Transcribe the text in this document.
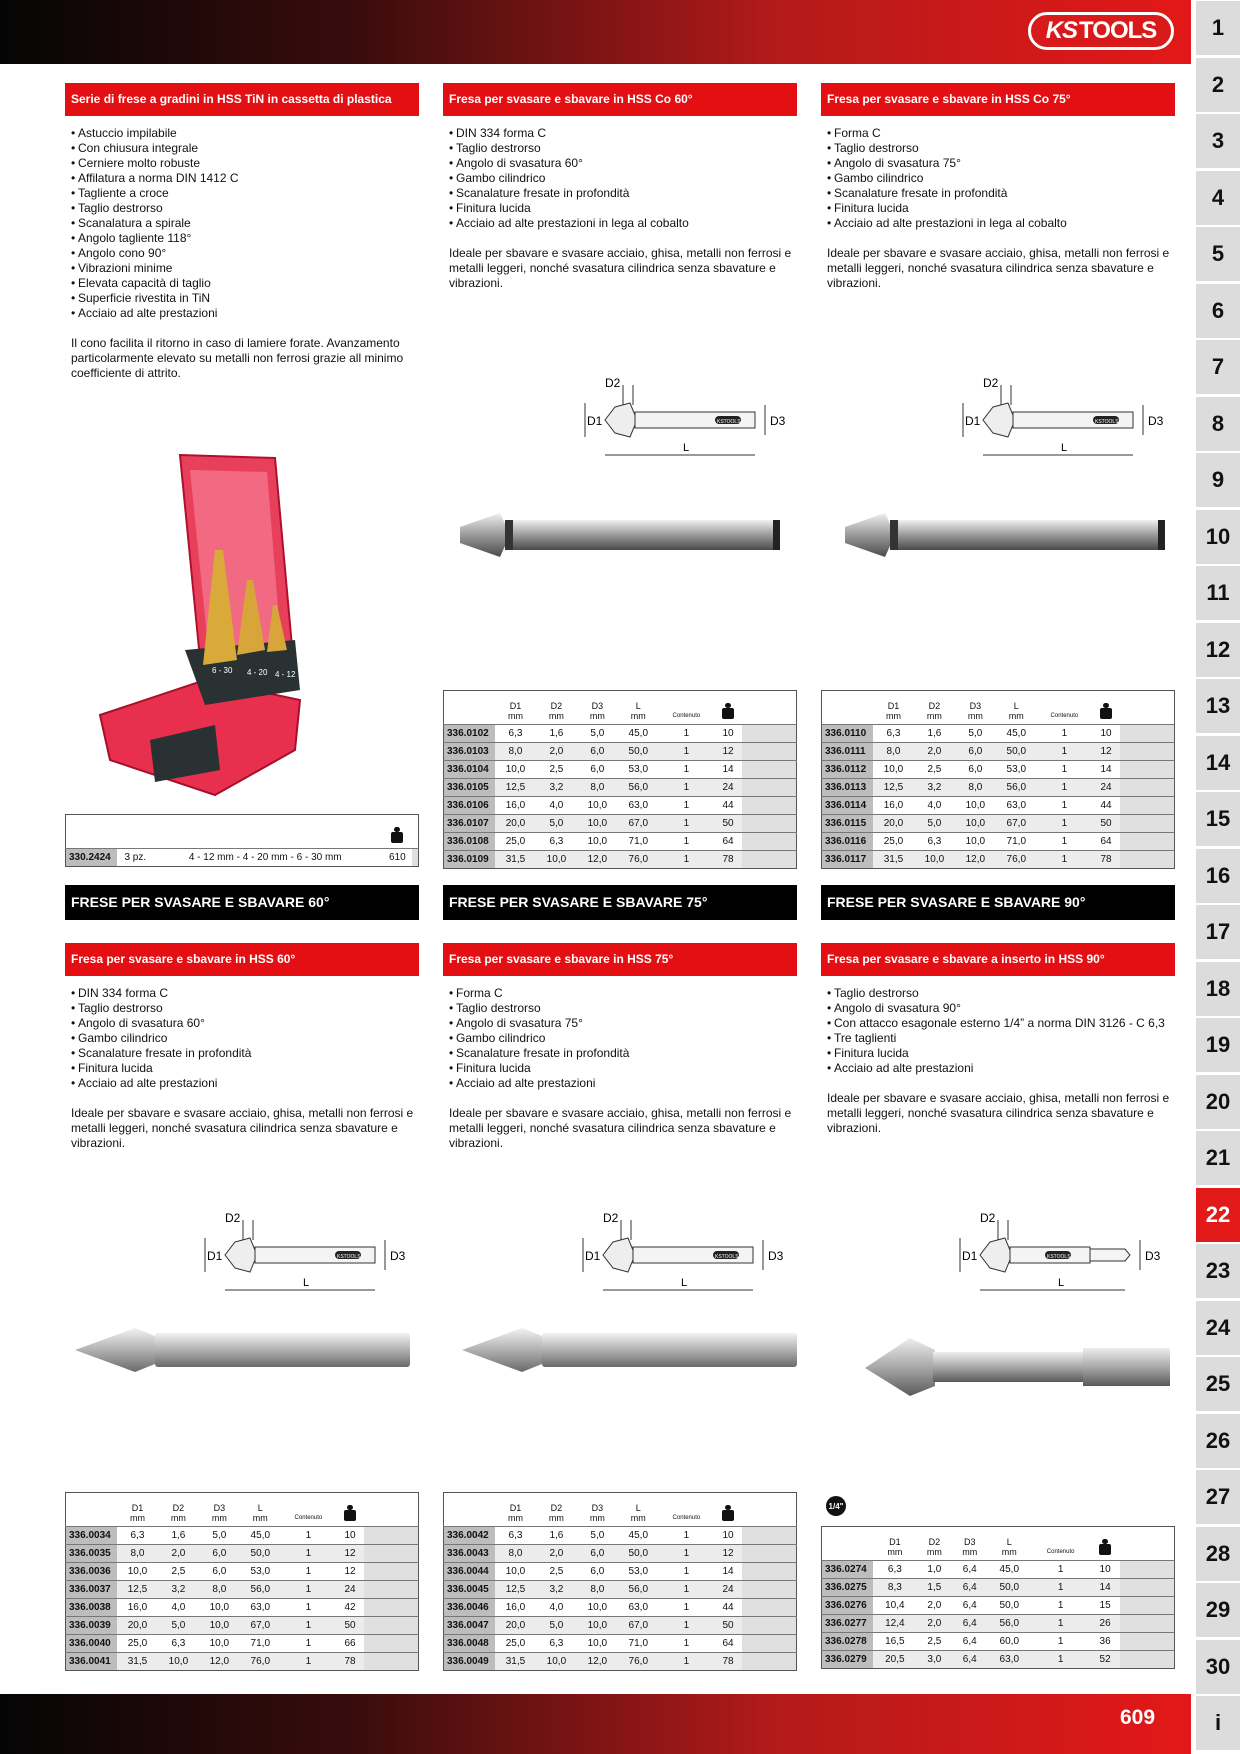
KS TOOLS
609
1
2
3
4
5
6
7
8
9
10
11
12
13
14
15
16
17
18
19
20
21
22
23
24
25
26
27
28
29
30
i
Serie di frese a gradini in HSS TiN in cassetta di plastica
• Astuccio impilabile
• Con chiusura integrale
• Cerniere molto robuste
• Affilatura a norma DIN 1412 C
• Tagliente a croce
• Taglio destrorso
• Scanalatura a spirale
• Angolo tagliente 118°
• Angolo cono 90°
• Vibrazioni minime
• Elevata capacità di taglio
• Superficie rivestita in TiN
• Acciaio ad alte prestazioni

Il cono facilita il ritorno in caso di lamiere forate. Avanzamento particolarmente elevato su metalli non ferrosi grazie all minimo coefficiente di attrito.

6 - 30 4 - 20 4 - 12

330.2424	3 pz.	4 - 12 mm - 4 - 20 mm - 6 - 30 mm		610	
Fresa per svasare e sbavare in HSS Co 60°
• DIN 334 forma C
• Taglio destrorso
• Angolo di svasatura 60°
• Gambo cilindrico
• Scanalature fresate in profondità
• Finitura lucida
• Acciaio ad alte prestazioni in lega al cobalto

Ideale per sbavare e svasare acciaio, ghisa, metalli non ferrosi e metalli leggeri, nonché svasatura cilindrica senza sbavature e vibrazioni.

Fresa per svasare e sbavare in HSS Co 75°
• Forma C
• Taglio destrorso
• Angolo di svasatura 75°
• Gambo cilindrico
• Scanalature fresate in profondità
• Finitura lucida
• Acciaio ad alte prestazioni in lega al cobalto

Ideale per sbavare e svasare acciaio, ghisa, metalli non ferrosi e metalli leggeri, nonché svasatura cilindrica senza sbavature e vibrazioni.

D1
D2
D3
L
KSTOOLS	D1
D2
D3
L
KSTOOLS
	D1
mm	D2
mm	D3
mm	L
mm	Contenuto		
336.0102	6,3	1,6	5,0	45,0	1	10	
336.0103	8,0	2,0	6,0	50,0	1	12	
336.0104	10,0	2,5	6,0	53,0	1	14	
336.0105	12,5	3,2	8,0	56,0	1	24	
336.0106	16,0	4,0	10,0	63,0	1	44	
336.0107	20,0	5,0	10,0	67,0	1	50	
336.0108	25,0	6,3	10,0	71,0	1	64	
336.0109	31,5	10,0	12,0	76,0	1	78	
	D1
mm	D2
mm	D3
mm	L
mm	Contenuto		
336.0110	6,3	1,6	5,0	45,0	1	10	
336.0111	8,0	2,0	6,0	50,0	1	12	
336.0112	10,0	2,5	6,0	53,0	1	14	
336.0113	12,5	3,2	8,0	56,0	1	24	
336.0114	16,0	4,0	10,0	63,0	1	44	
336.0115	20,0	5,0	10,0	67,0	1	50	
336.0116	25,0	6,3	10,0	71,0	1	64	
336.0117	31,5	10,0	12,0	76,0	1	78	
FRESE PER SVASARE E SBAVARE 60°
Fresa per svasare e sbavare in HSS 60°
• DIN 334 forma C
• Taglio destrorso
• Angolo di svasatura 60°
• Gambo cilindrico
• Scanalature fresate in profondità
• Finitura lucida
• Acciaio ad alte prestazioni

Ideale per sbavare e svasare acciaio, ghisa, metalli non ferrosi e metalli leggeri, nonché svasatura cilindrica senza sbavature e vibrazioni.

FRESE PER SVASARE E SBAVARE 75°
Fresa per svasare e sbavare in HSS 75°
• Forma C
• Taglio destrorso
• Angolo di svasatura 75°
• Gambo cilindrico
• Scanalature fresate in profondità
• Finitura lucida
• Acciaio ad alte prestazioni

Ideale per sbavare e svasare acciaio, ghisa, metalli non ferrosi e metalli leggeri, nonché svasatura cilindrica senza sbavature e vibrazioni.

FRESE PER SVASARE E SBAVARE 90°
Fresa per svasare e sbavare a inserto in HSS 90°
• Taglio destrorso
• Angolo di svasatura 90°
• Con attacco esagonale esterno 1/4” a norma DIN 3126 - C 6,3
• Tre taglienti
• Finitura lucida
• Acciaio ad alte prestazioni

Ideale per sbavare e svasare acciaio, ghisa, metalli non ferrosi e metalli leggeri, nonché svasatura cilindrica senza sbavature e vibrazioni.

D1
D2
D3
L
KSTOOLS	D1
D2
D3
L
KSTOOLS	D1
D2
D3
L
KSTOOLS
	D1
mm	D2
mm	D3
mm	L
mm	Contenuto		
336.0034	6,3	1,6	5,0	45,0	1	10	
336.0035	8,0	2,0	6,0	50,0	1	12	
336.0036	10,0	2,5	6,0	53,0	1	12	
336.0037	12,5	3,2	8,0	56,0	1	24	
336.0038	16,0	4,0	10,0	63,0	1	42	
336.0039	20,0	5,0	10,0	67,0	1	50	
336.0040	25,0	6,3	10,0	71,0	1	66	
336.0041	31,5	10,0	12,0	76,0	1	78	
	D1
mm	D2
mm	D3
mm	L
mm	Contenuto		
336.0042	6,3	1,6	5,0	45,0	1	10	
336.0043	8,0	2,0	6,0	50,0	1	12	
336.0044	10,0	2,5	6,0	53,0	1	14	
336.0045	12,5	3,2	8,0	56,0	1	24	
336.0046	16,0	4,0	10,0	63,0	1	44	
336.0047	20,0	5,0	10,0	67,0	1	50	
336.0048	25,0	6,3	10,0	71,0	1	64	
336.0049	31,5	10,0	12,0	76,0	1	78	
1/4"
	D1
mm	D2
mm	D3
mm	L
mm	Contenuto		
336.0274	6,3	1,0	6,4	45,0	1	10	
336.0275	8,3	1,5	6,4	50,0	1	14	
336.0276	10,4	2,0	6,4	50,0	1	15	
336.0277	12,4	2,0	6,4	56,0	1	26	
336.0278	16,5	2,5	6,4	60,0	1	36	
336.0279	20,5	3,0	6,4	63,0	1	52	
